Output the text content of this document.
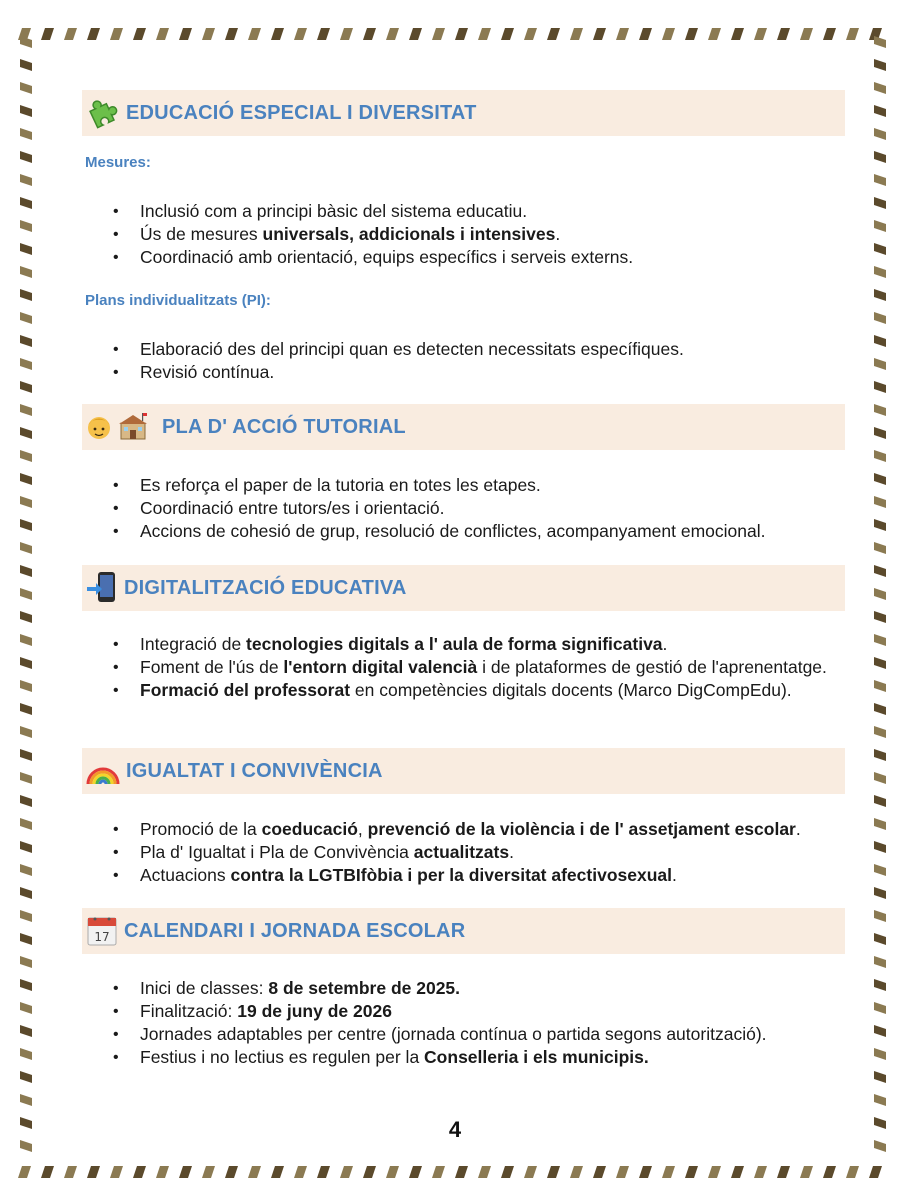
EDUCACIÓ ESPECIAL I DIVERSITAT
Mesures:
• Inclusió com a principi bàsic del sistema educatiu.
• Ús de mesures universals, addicionals i intensives.
• Coordinació amb orientació, equips específics i serveis externs.
Plans individualitzats (PI):
• Elaboració des del principi quan es detecten necessitats específiques.
• Revisió contínua.
PLA D' ACCIÓ TUTORIAL
• Es reforça el paper de la tutoria en totes les etapes.
• Coordinació entre tutors/es i orientació.
• Accions de cohesió de grup, resolució de conflictes, acompanyament emocional.
DIGITALITZACIÓ EDUCATIVA
• Integració de tecnologies digitals a l' aula de forma significativa.
• Foment de l'ús de l'entorn digital valencià i de plataformes de gestió de l'aprenentatge.
• Formació del professorat en competències digitals docents (Marco DigCompEdu).
IGUALTAT I CONVIVÈNCIA
• Promoció de la coeducació, prevenció de la violència i de l' assetjament escolar.
• Pla d' Igualtat i Pla de Convivència actualitzats.
• Actuacions contra la LGTBIfòbia i per la diversitat afectivosexual.
17 CALENDARI I JORNADA ESCOLAR
• Inici de classes: 8 de setembre de 2025.
• Finalització: 19 de juny de 2026
• Jornades adaptables per centre (jornada contínua o partida segons autorització).
• Festius i no lectius es regulen per la Conselleria i els municipis.
4
